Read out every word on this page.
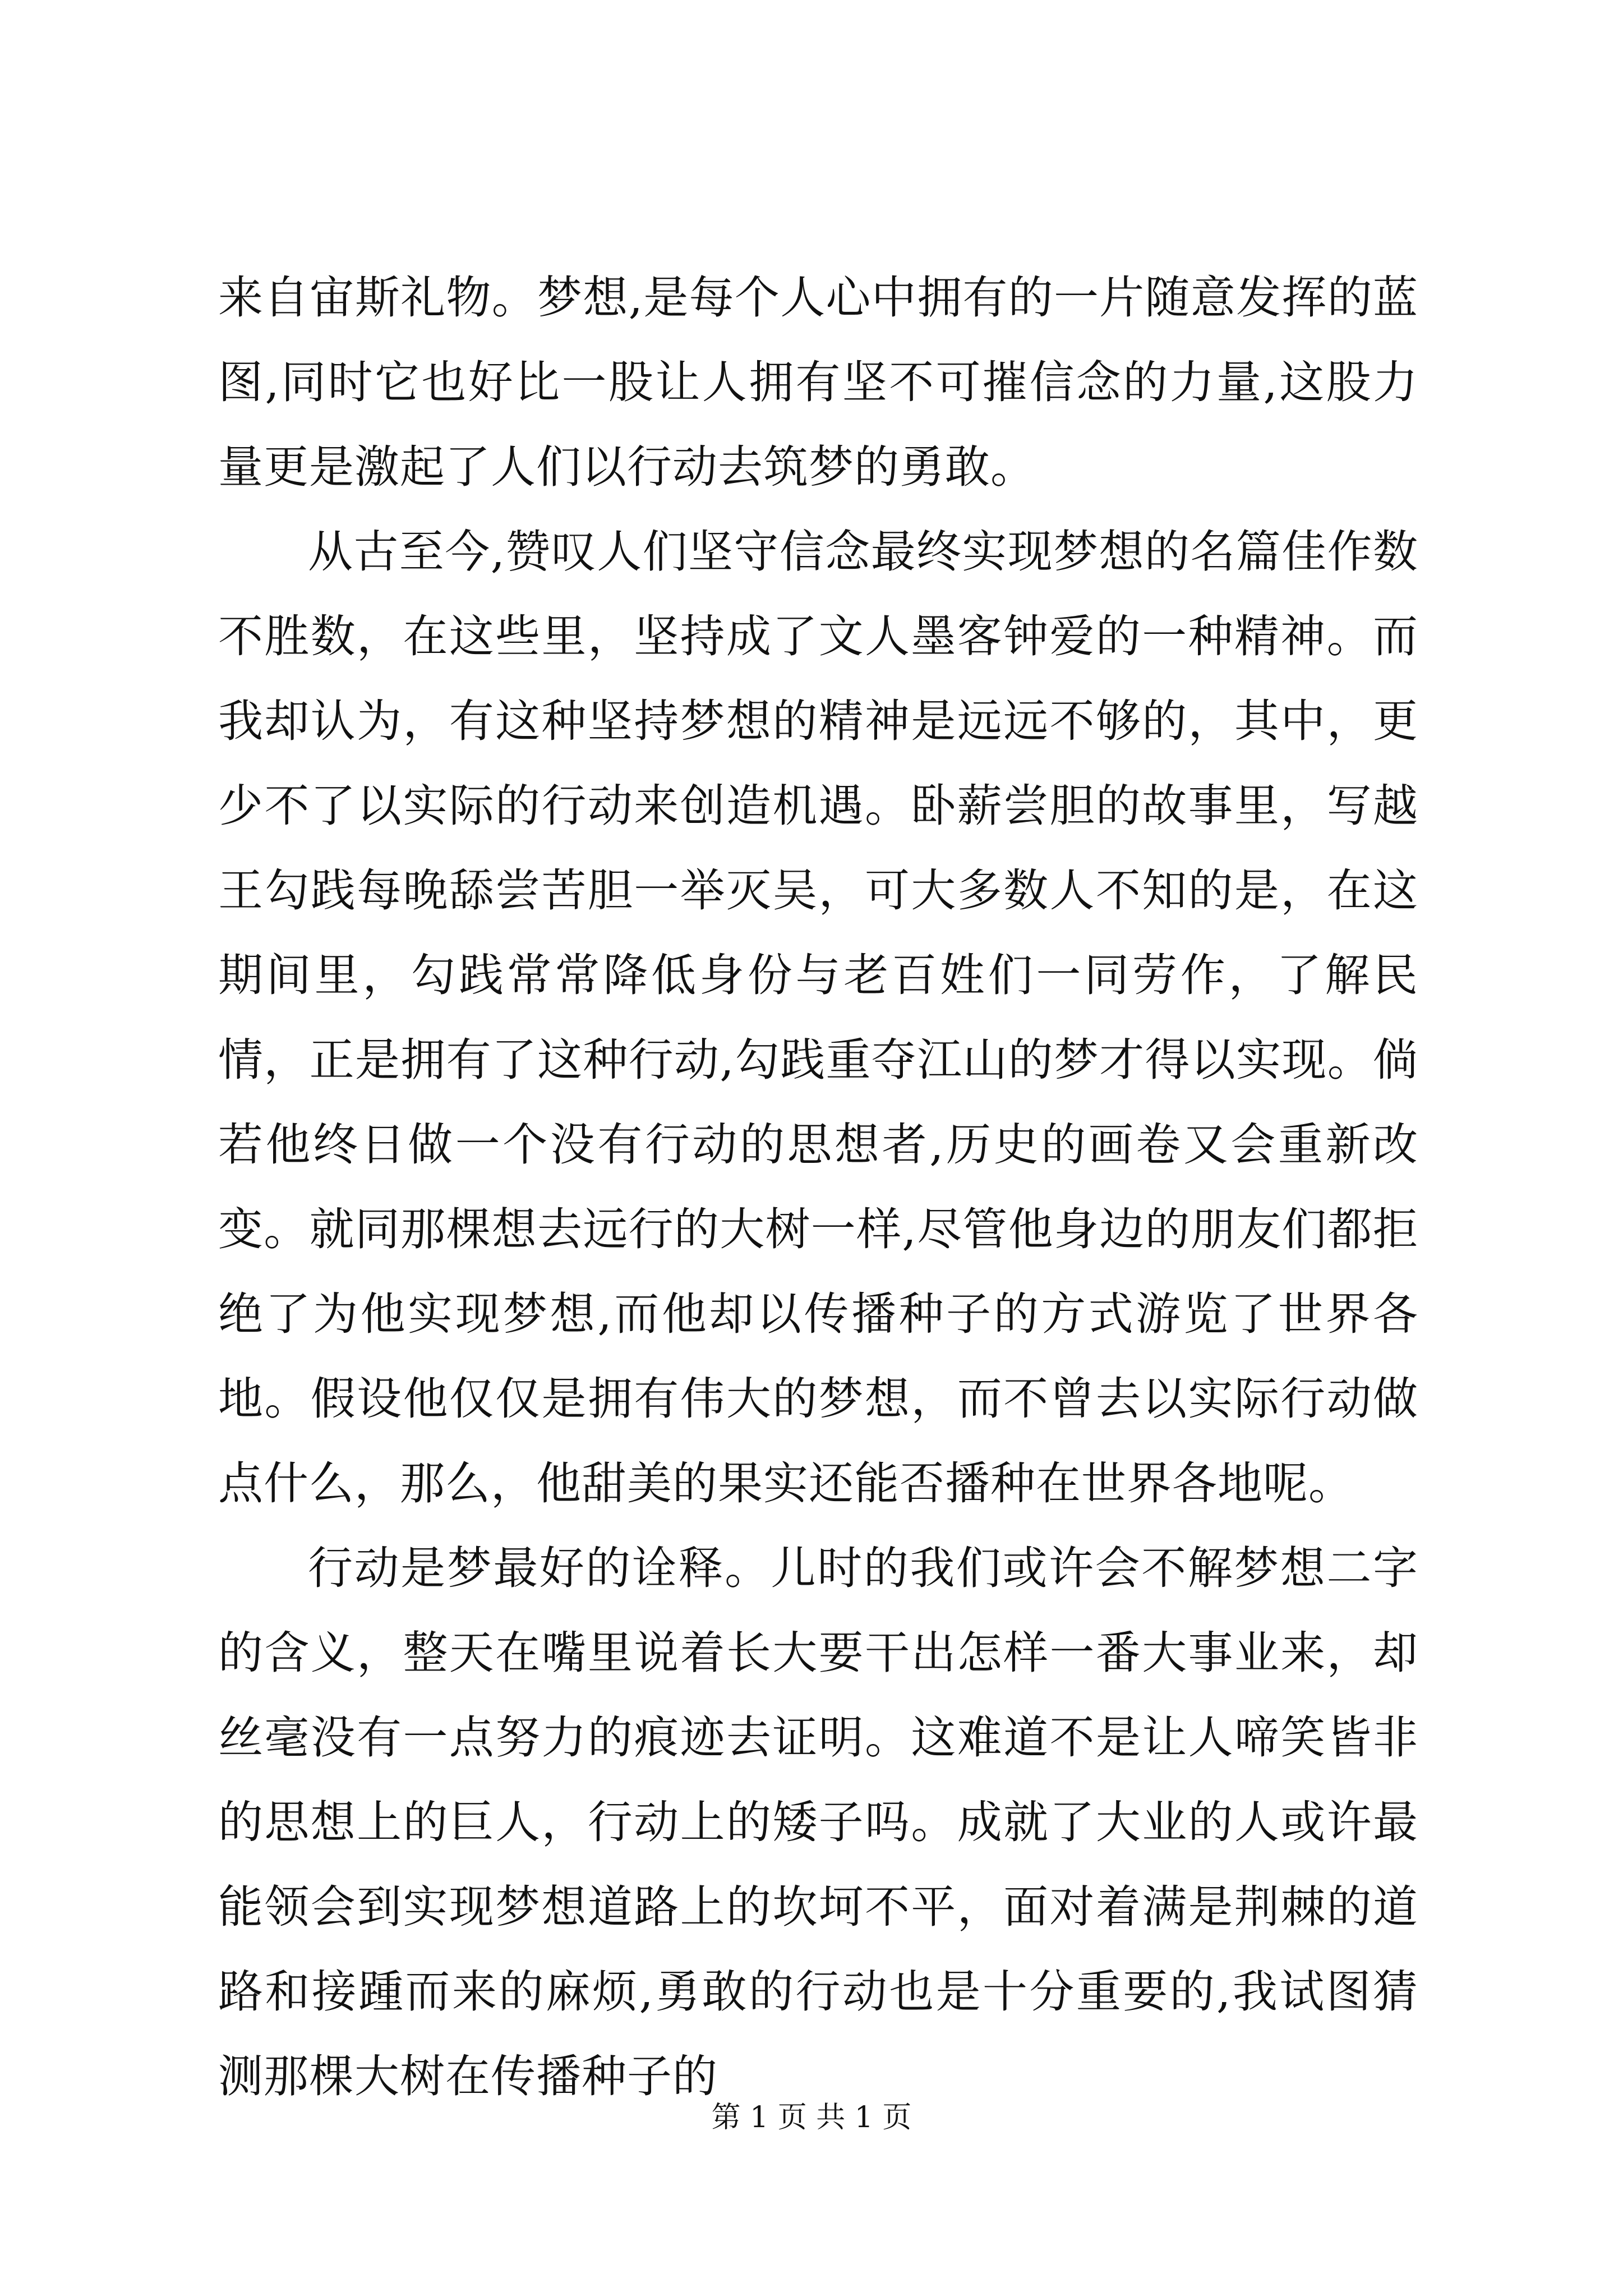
来自宙斯礼物。梦想,是每个人心中拥有的一片随意发挥的蓝图,同时它也好比一股让人拥有坚不可摧信念的力量,这股力量更是激起了人们以行动去筑梦的勇敢。

从古至今,赞叹人们坚守信念最终实现梦想的名篇佳作数不胜数，在这些里，坚持成了文人墨客钟爱的一种精神。而我却认为，有这种坚持梦想的精神是远远不够的，其中，更少不了以实际的行动来创造机遇。卧薪尝胆的故事里，写越王勾践每晚舔尝苦胆一举灭吴，可大多数人不知的是，在这期间里，勾践常常降低身份与老百姓们一同劳作，了解民情，正是拥有了这种行动,勾践重夺江山的梦才得以实现。倘若他终日做一个没有行动的思想者,历史的画卷又会重新改变。就同那棵想去远行的大树一样,尽管他身边的朋友们都拒绝了为他实现梦想,而他却以传播种子的方式游览了世界各地。假设他仅仅是拥有伟大的梦想，而不曾去以实际行动做点什么，那么，他甜美的果实还能否播种在世界各地呢。

行动是梦最好的诠释。儿时的我们或许会不解梦想二字的含义，整天在嘴里说着长大要干出怎样一番大事业来，却丝毫没有一点努力的痕迹去证明。这难道不是让人啼笑皆非的思想上的巨人，行动上的矮子吗。成就了大业的人或许最能领会到实现梦想道路上的坎坷不平，面对着满是荆棘的道路和接踵而来的麻烦,勇敢的行动也是十分重要的,我试图猜测那棵大树在传播种子的

第 1 页 共 1 页
